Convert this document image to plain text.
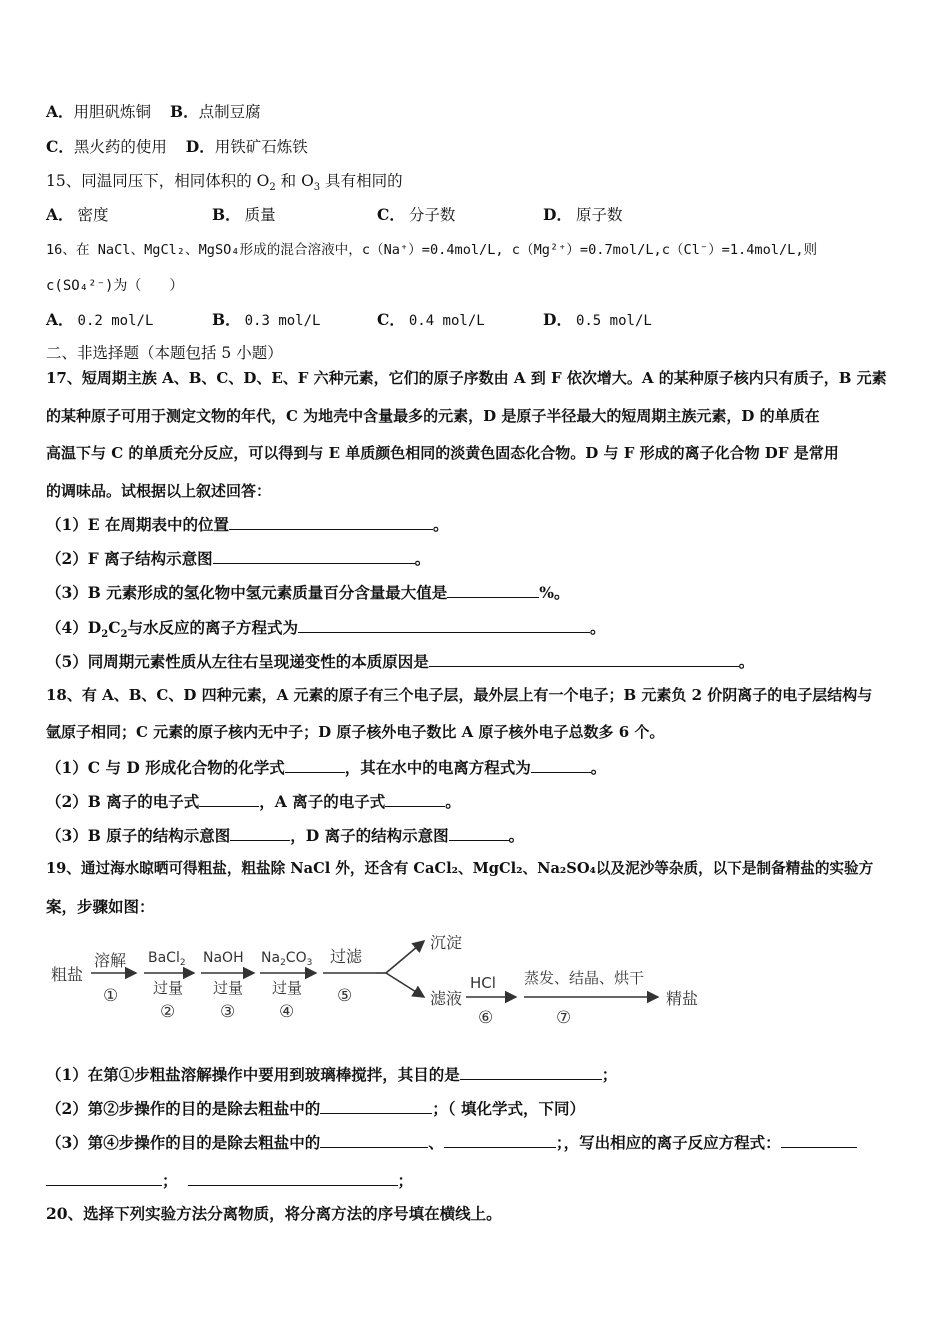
A．用胆矾炼铜 B．点制豆腐
C．黑火药的使用 D．用铁矿石炼铁
15、同温同压下，相同体积的 $O_2$ 和 $O_3$ 具有相同的
A． 密度	B． 质量	C． 分子数	D． 原子数
16、在 NaCl、MgCl₂、MgSO₄形成的混合溶液中，c（Na⁺）=0.4mol/L, c（Mg²⁺）=0.7mol/L,c（Cl⁻）=1.4mol/L,则
c(SO₄²⁻)为（　　）
A． 0.2 mol/L	B． 0.3 mol/L	C． 0.4 mol/L	D． 0.5 mol/L
二、非选择题（本题包括 5 小题）
17、短周期主族 A、B、C、D、E、F 六种元素，它们的原子序数由 A 到 F 依次增大。A 的某种原子核内只有质子，B 元素
的某种原子可用于测定文物的年代，C 为地壳中含量最多的元素，D 是原子半径最大的短周期主族元素，D 的单质在
高温下与 C 的单质充分反应，可以得到与 E 单质颜色相同的淡黄色固态化合物。D 与 F 形成的离子化合物 DF 是常用
的调味品。试根据以上叙述回答：
（1）E 在周期表中的位置	。
（2）F 离子结构示意图	。
（3）B 元素形成的氢化物中氢元素质量百分含量最大值是	%。
$(4)D_2C_2$与水反应的离子方程式为	。
（5）同周期元素性质从左往右呈现递变性的本质原因是	。
18、有 A、B、C、D 四种元素，A 元素的原子有三个电子层，最外层上有一个电子；B 元素负 2 价阴离子的电子层结构与
氩原子相同；C 元素的原子核内无中子；D 原子核外电子数比 A 原子核外电子总数多 6 个。
（1）C 与 D 形成化合物的化学式	，其在水中的电离方程式为	。
（2）B 离子的电子式	，A 离子的电子式	。
（3）B 原子的结构示意图	，D 离子的结构示意图	。
19、通过海水晾晒可得粗盐，粗盐除 NaCl 外，还含有 CaCl₂、MgCl₂、Na₂SO₄以及泥沙等杂质，以下是制备精盐的实验方
案，步骤如图：
粗盐
溶解
①
BaCl$_2$
过量
②
NaOH
过量
③
$Na_2CO_3$
过量
④
过滤
⑤
沉淀
滤液
HCl
⑥
蒸发、结晶、烘干
⑦
精盐
（1）在第①步粗盐溶解操作中要用到玻璃棒搅拌，其目的是	；
（2）第②步操作的目的是除去粗盐中的	；（ 填化学式，下同）
（3）第④步操作的目的是除去粗盐中的	、	；，写出相应的离子反应方程式：
；	；
20、选择下列实验方法分离物质，将分离方法的序号填在横线上。
